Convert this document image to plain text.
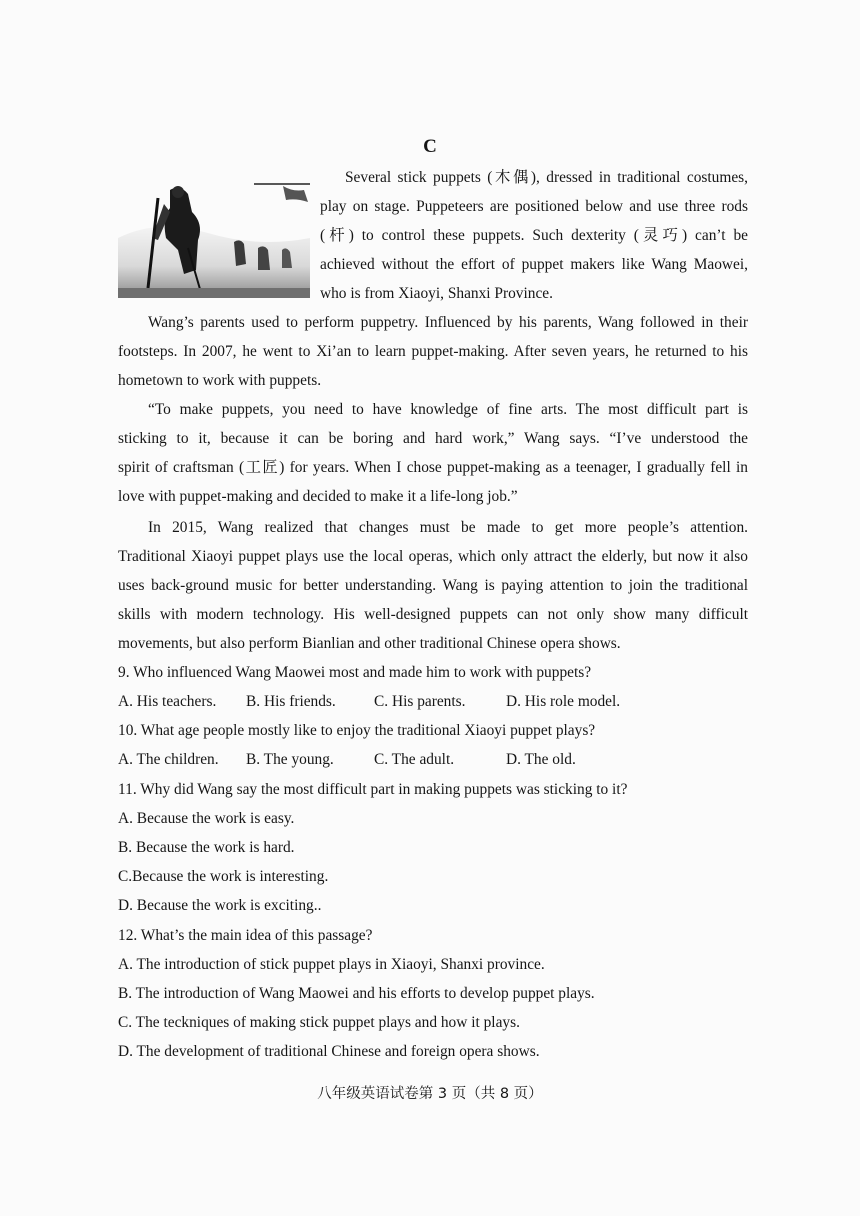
C
Several stick puppets (木偶), dressed in traditional costumes,
play on stage. Puppeteers are positioned below and use three rods
(杆) to control these puppets. Such dexterity (灵巧) can’t be
achieved without the effort of puppet makers like Wang Maowei,
who is from Xiaoyi, Shanxi Province.
Wang’s parents used to perform puppetry. Influenced by his parents, Wang followed in their
footsteps. In 2007, he went to Xi’an to learn puppet-making. After seven years, he returned to his
hometown to work with puppets.
“To make puppets, you need to have knowledge of fine arts. The most difficult part is
sticking to it, because it can be boring and hard work,” Wang says. “I’ve understood the
spirit of craftsman (工匠) for years. When I chose puppet-making as a teenager, I gradually fell in
love with puppet-making and decided to make it a life-long job.”
In 2015, Wang realized that changes must be made to get more people’s attention.
Traditional Xiaoyi puppet plays use the local operas, which only attract the elderly, but now it also
uses back-ground music for better understanding. Wang is paying attention to join the traditional
skills with modern technology. His well-designed puppets can not only show many difficult
movements, but also perform Bianlian and other traditional Chinese opera shows.
9. Who influenced Wang Maowei most and made him to work with puppets?
A. His teachers.	B. His friends.	C. His parents.	D. His role model.
10. What age people mostly like to enjoy the traditional Xiaoyi puppet plays?
A. The children.	B. The young.	C. The adult.	D. The old.
11. Why did Wang say the most difficult part in making puppets was sticking to it?
A. Because the work is easy.
B. Because the work is hard.
C.Because the work is interesting.
D. Because the work is exciting..
12. What’s the main idea of this passage?
A. The introduction of stick puppet plays in Xiaoyi, Shanxi province.
B. The introduction of Wang Maowei and his efforts to develop puppet plays.
C. The teckniques of making stick puppet plays and how it plays.
D. The development of traditional Chinese and foreign opera shows.
八年级英语试卷第 3 页（共 8 页）
